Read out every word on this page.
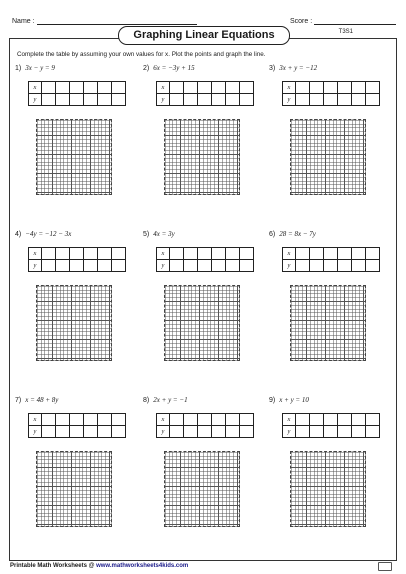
Name :	Score :
Graphing Linear Equations	T3S1
Complete the table by assuming your own values for x. Plot the points and graph the line.
1) 3x − y = 9
x						
y						
2) 6x = −3y + 15
x						
y						
3) 3x + y = −12
x						
y						
4) −4y = −12 − 3x
x						
y						
5) 4x = 3y
x						
y						
6) 28 = 8x − 7y
x						
y						
7) x = 48 + 8y
x						
y						
8) 2x + y = −1
x						
y						
9) x + y = 10
x						
y						
Printable Math Worksheets @ www.mathworksheets4kids.com
